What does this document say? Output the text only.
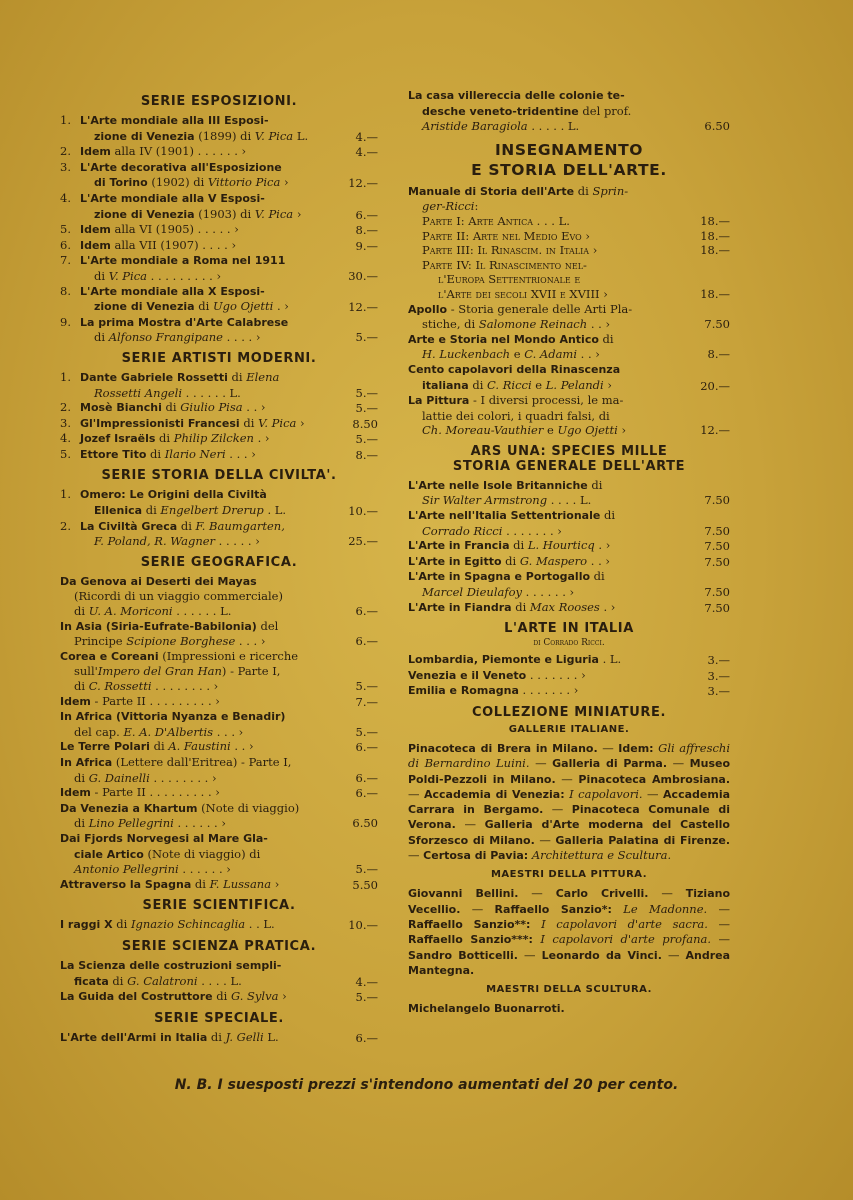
SERIE ESPOSIZIONI.
1. L'Arte mondiale alla III Esposi-
zione di Venezia (1899) di V. Pica L.	4.—
2. Idem alla IV (1901) . . . . . . ›	4.—
3. L'Arte decorativa all'Esposizione
di Torino (1902) di Vittorio Pica ›	12.—
4. L'Arte mondiale alla V Esposi-
zione di Venezia (1903) di V. Pica ›	6.—
5. Idem alla VI (1905) . . . . . ›	8.—
6. Idem alla VII (1907) . . . . ›	9.—
7. L'Arte mondiale a Roma nel 1911
di V. Pica . . . . . . . . . ›	30.—
8. L'Arte mondiale alla X Esposi-
zione di Venezia di Ugo Ojetti . ›	12.—
9. La prima Mostra d'Arte Calabrese
di Alfonso Frangipane . . . . ›	5.—
SERIE ARTISTI MODERNI.
1. Dante Gabriele Rossetti di Elena
Rossetti Angeli . . . . . . L.	5.—
2. Mosè Bianchi di Giulio Pisa . . ›	5.—
3. Gl'Impressionisti Francesi di V. Pica ›	8.50
4. Jozef Israëls di Philip Zilcken . ›	5.—
5. Ettore Tito di Ilario Neri . . . ›	8.—
SERIE STORIA DELLA CIVILTA'.
1. Omero: Le Origini della Civiltà
Ellenica di Engelbert Drerup . L.	10.—
2. La Civiltà Greca di F. Baumgarten,
F. Poland, R. Wagner . . . . . ›	25.—
SERIE GEOGRAFICA.
Da Genova ai Deserti dei Mayas
(Ricordi di un viaggio commerciale)
di U. A. Moriconi . . . . . . L.	6.—
In Asia (Siria-Eufrate-Babilonia) del
Principe Scipione Borghese . . . ›	6.—
Corea e Coreani (Impressioni e ricerche
sull'Impero del Gran Han) - Parte I,
di C. Rossetti . . . . . . . . ›	5.—
Idem - Parte II . . . . . . . . . ›	7.—
In Africa (Vittoria Nyanza e Benadir)
del cap. E. A. D'Albertis . . . ›	5.—
Le Terre Polari di A. Faustini . . ›	6.—
In Africa (Lettere dall'Eritrea) - Parte I,
di G. Dainelli . . . . . . . . ›	6.—
Idem - Parte II . . . . . . . . . ›	6.—
Da Venezia a Khartum (Note di viaggio)
di Lino Pellegrini . . . . . . ›	6.50
Dai Fjords Norvegesi al Mare Gla-
ciale Artico (Note di viaggio) di
Antonio Pellegrini . . . . . . ›	5.—
Attraverso la Spagna di F. Lussana ›	5.50
SERIE SCIENTIFICA.
I raggi X di Ignazio Schincaglia . . L.	10.—
SERIE SCIENZA PRATICA.
La Scienza delle costruzioni sempli-
ficata di G. Calatroni . . . . L.	4.—
La Guida del Costruttore di G. Sylva ›	5.—
SERIE SPECIALE.
L'Arte dell'Armi in Italia di J. Gelli L.	6.—
La casa villereccia delle colonie te-
desche veneto-tridentine del prof.
Aristide Baragiola . . . . . L.	6.50
INSEGNAMENTO
E STORIA DELL'ARTE.
Manuale di Storia dell'Arte di Sprin-
ger-Ricci:
Parte I: Arte Antica . . . L.	18.—
Parte II: Arte nel Medio Evo ›	18.—
Parte III: Il Rinascim. in Italia ›	18.—
Parte IV: Il Rinascimento nel-
l'Europa Settentrionale e
l'Arte dei secoli XVII e XVIII ›	18.—
Apollo - Storia generale delle Arti Pla-
stiche, di Salomone Reinach . . ›	7.50
Arte e Storia nel Mondo Antico di
H. Luckenbach e C. Adami . . ›	8.—
Cento capolavori della Rinascenza
italiana di C. Ricci e L. Pelandi ›	20.—
La Pittura - I diversi processi, le ma-
lattie dei colori, i quadri falsi, di
Ch. Moreau-Vauthier e Ugo Ojetti ›	12.—
ARS UNA: SPECIES MILLE
STORIA GENERALE DELL'ARTE
L'Arte nelle Isole Britanniche di
Sir Walter Armstrong . . . . L.	7.50
L'Arte nell'Italia Settentrionale di
Corrado Ricci . . . . . . . ›	7.50
L'Arte in Francia di L. Hourticq . ›	7.50
L'Arte in Egitto di G. Maspero . . ›	7.50
L'Arte in Spagna e Portogallo di
Marcel Dieulafoy . . . . . . ›	7.50
L'Arte in Fiandra di Max Rooses . ›	7.50
L'ARTE IN ITALIA
di Corrado Ricci.
Lombardia, Piemonte e Liguria . L.	3.—
Venezia e il Veneto . . . . . . . ›	3.—
Emilia e Romagna . . . . . . . ›	3.—
COLLEZIONE MINIATURE.
GALLERIE ITALIANE.
Pinacoteca di Brera in Milano. — Idem: Gli affreschi di Bernardino Luini. — Galleria di Parma. — Museo Poldi-Pezzoli in Milano. — Pinacoteca Ambrosiana. — Accademia di Venezia: I capolavori. — Accademia Carrara in Bergamo. — Pinacoteca Comunale di Verona. — Galleria d'Arte moderna del Castello Sforzesco di Milano. — Galleria Palatina di Firenze. — Certosa di Pavia: Architettura e Scultura.
MAESTRI DELLA PITTURA.
Giovanni Bellini. — Carlo Crivelli. — Tiziano Vecellio. — Raffaello Sanzio*: Le Madonne. — Raffaello Sanzio**: I capolavori d'arte sacra. — Raffaello Sanzio***: I capolavori d'arte profana. — Sandro Botticelli. — Leonardo da Vinci. — Andrea Mantegna.
MAESTRI DELLA SCULTURA.
Michelangelo Buonarroti.
N. B. I suesposti prezzi s'intendono aumentati del 20 per cento.
